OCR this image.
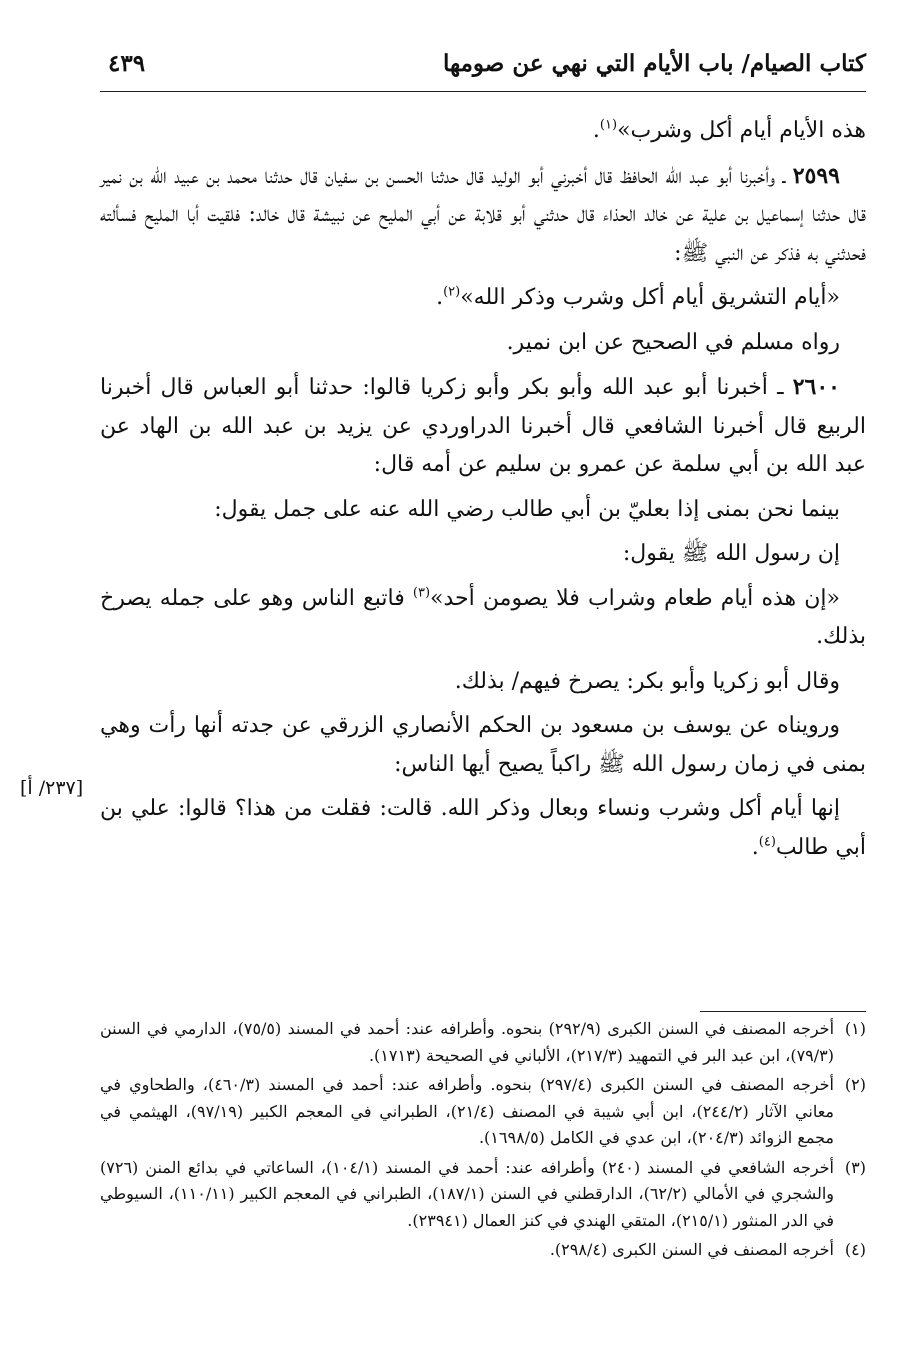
٤٣٩	كتاب الصيام/ باب الأيام التي نهي عن صومها

هذه الأيام أيام أكل وشرب»$^{(١)}$.

٢٥٩٩ ـ وأخبرنا أبو عبد الله الحافظ قال أخبرني أبو الوليد قال حدثنا الحسن بن سفيان قال حدثنا محمد بن عبيد الله بن نمير قال حدثنا إسماعيل بن علية عن خالد الحذاء قال حدثني أبو قلابة عن أبي المليح عن نبيشة قال خالد: فلقيت أبا المليح فسألته فحدثني به فذكر عن النبي ﷺ:

«أيام التشريق أيام أكل وشرب وذكر الله»$^{(٢)}$.

رواه مسلم في الصحيح عن ابن نمير.

٢٦٠٠ ـ أخبرنا أبو عبد الله وأبو بكر وأبو زكريا قالوا: حدثنا أبو العباس قال أخبرنا الربيع قال أخبرنا الشافعي قال أخبرنا الدراوردي عن يزيد بن عبد الله بن الهاد عن عبد الله بن أبي سلمة عن عمرو بن سليم عن أمه قال:

بينما نحن بمنى إذا بعليّ بن أبي طالب رضي الله عنه على جمل يقول:

إن رسول الله ﷺ يقول:

«إن هذه أيام طعام وشراب فلا يصومن أحد»$^{(٣)}$ فاتبع الناس وهو على جمله يصرخ بذلك.

وقال أبو زكريا وأبو بكر: يصرخ فيهم/ بذلك.

ورويناه عن يوسف بن مسعود بن الحكم الأنصاري الزرقي عن جدته أنها رأت وهي بمنى في زمان رسول الله ﷺ راكباً يصيح أيها الناس:

إنها أيام أكل وشرب ونساء وبعال وذكر الله. قالت: فقلت من هذا؟ قالوا: علي بن أبي طالب$^{(٤)}$.

[٢٣٧/ أ]
(١)
أخرجه المصنف في السنن الكبرى (٢٩٢/٩) بنحوه. وأطرافه عند: أحمد في المسند (٧٥/٥)، الدارمي في السنن (٧٩/٣)، ابن عبد البر في التمهيد (٢١٧/٣)، الألباني في الصحيحة (١٧١٣).
(٢)
أخرجه المصنف في السنن الكبرى (٢٩٧/٤) بنحوه. وأطرافه عند: أحمد في المسند (٤٦٠/٣)، والطحاوي في معاني الآثار (٢٤٤/٢)، ابن أبي شيبة في المصنف (٢١/٤)، الطبراني في المعجم الكبير (٩٧/١٩)، الهيثمي في مجمع الزوائد (٢٠٤/٣)، ابن عدي في الكامل (١٦٩٨/٥).
(٣)
أخرجه الشافعي في المسند (٢٤٠) وأطرافه عند: أحمد في المسند (١٠٤/١)، الساعاتي في بدائع المنن (٧٢٦) والشجري في الأمالي (٦٢/٢)، الدارقطني في السنن (١٨٧/١)، الطبراني في المعجم الكبير (١١٠/١١)، السيوطي في الدر المنثور (٢١٥/١)، المتقي الهندي في كنز العمال (٢٣٩٤١).
(٤)
أخرجه المصنف في السنن الكبرى (٢٩٨/٤).
